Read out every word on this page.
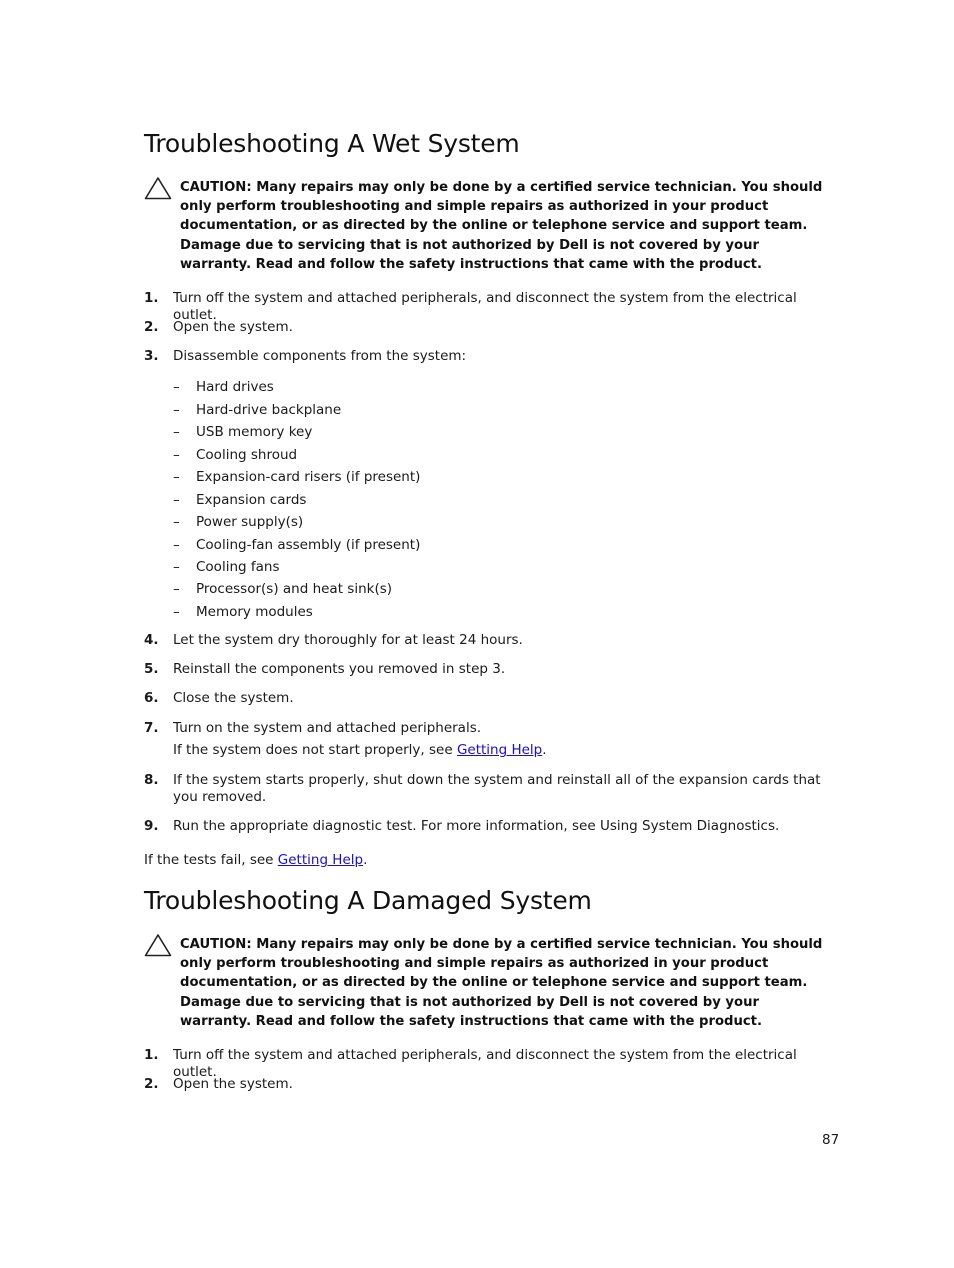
Troubleshooting A Wet System
CAUTION: Many repairs may only be done by a certified service technician. You should only perform troubleshooting and simple repairs as authorized in your product documentation, or as directed by the online or telephone service and support team. Damage due to servicing that is not authorized by Dell is not covered by your warranty. Read and follow the safety instructions that came with the product.
1. Turn off the system and attached peripherals, and disconnect the system from the electrical outlet.
2. Open the system.
3. Disassemble components from the system:
– Hard drives
– Hard-drive backplane
– USB memory key
– Cooling shroud
– Expansion-card risers (if present)
– Expansion cards
– Power supply(s)
– Cooling-fan assembly (if present)
– Cooling fans
– Processor(s) and heat sink(s)
– Memory modules
4. Let the system dry thoroughly for at least 24 hours.
5. Reinstall the components you removed in step 3.
6. Close the system.
7. Turn on the system and attached peripherals.
If the system does not start properly, see Getting Help.
8. If the system starts properly, shut down the system and reinstall all of the expansion cards that you removed.
9. Run the appropriate diagnostic test. For more information, see Using System Diagnostics.
If the tests fail, see Getting Help.
Troubleshooting A Damaged System
CAUTION: Many repairs may only be done by a certified service technician. You should only perform troubleshooting and simple repairs as authorized in your product documentation, or as directed by the online or telephone service and support team. Damage due to servicing that is not authorized by Dell is not covered by your warranty. Read and follow the safety instructions that came with the product.
1. Turn off the system and attached peripherals, and disconnect the system from the electrical outlet.
2. Open the system.
87
